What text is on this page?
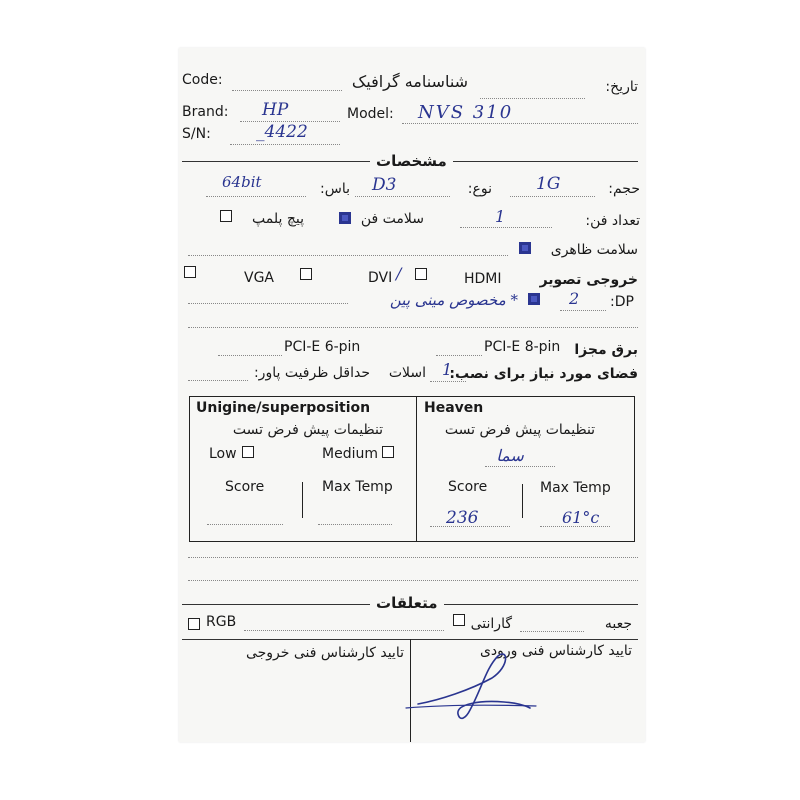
Code:	شناسنامه گرافیک	تاریخ:
Brand: HP	Model: NVS 310
S/N:	_4422
مشخصات
حجم:
1G
نوع:
D3
باس:
64bit
تعداد فن:
1
سلامت فن
پیچ پلمپ
سلامت ظاهری
خروجی تصویر
HDMI
DVI /
VGA
:DP
2
* مخصوص مینی پین
برق مجزا
PCI-E 8-pin
PCI-E 6-pin
فضای مورد نیاز برای نصب:
1
اسلات
حداقل ظرفیت پاور:
Unigine/superposition
تنظیمات پیش فرض تست
Low	Medium
Score	Max Temp
Heaven
تنظیمات پیش فرض تست
سما
Score	Max Temp
236	61°c
متعلقات
جعبه
گارانتی
RGB
تایید کارشناس فنی ورودی
تایید کارشناس فنی خروجی
